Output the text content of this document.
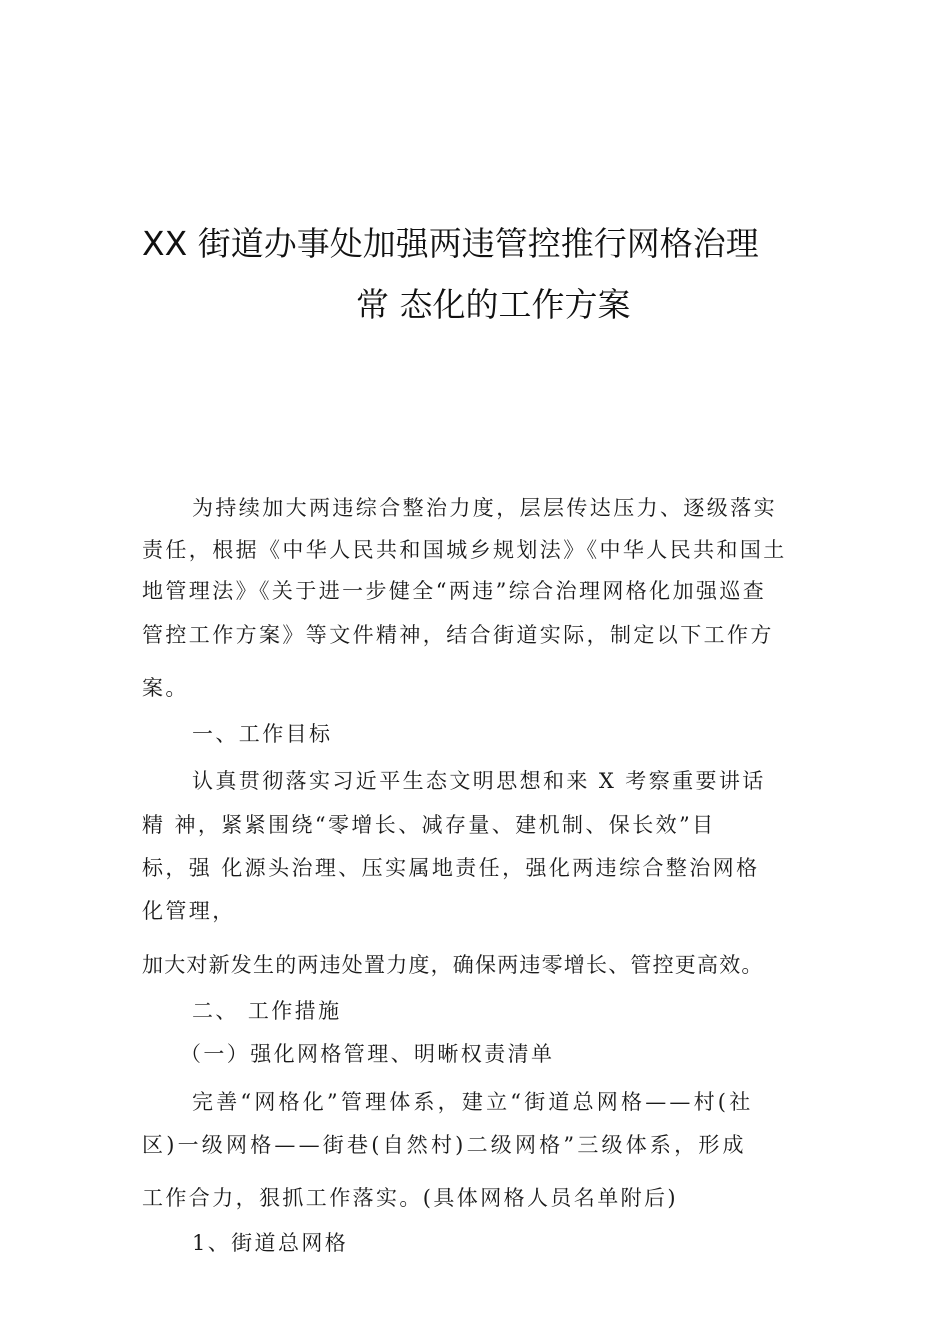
XX 街道办事处加强两违管控推行网格治理
常 态化的工作方案
为持续加大两违综合整治力度，层层传达压力、逐级落实
责任，根据《中华人民共和国城乡规划法》《中华人民共和国土
地管理法》《关于进一步健全“两违”综合治理网格化加强巡查
管控工作方案》等文件精神，结合街道实际，制定以下工作方
案。
一、工作目标
认真贯彻落实习近平生态文明思想和来 X 考察重要讲话
精 神，紧紧围绕“零增长、减存量、建机制、保长效”目
标，强 化源头治理、压实属地责任，强化两违综合整治网格
化管理，
加大对新发生的两违处置力度，确保两违零增长、管控更高效。
二、 工作措施
（一）强化网格管理、明晰权责清单
完善“网格化”管理体系，建立“街道总网格——村(社
区)一级网格——街巷(自然村)二级网格”三级体系，形成
工作合力，狠抓工作落实。(具体网格人员名单附后)
1、街道总网格
